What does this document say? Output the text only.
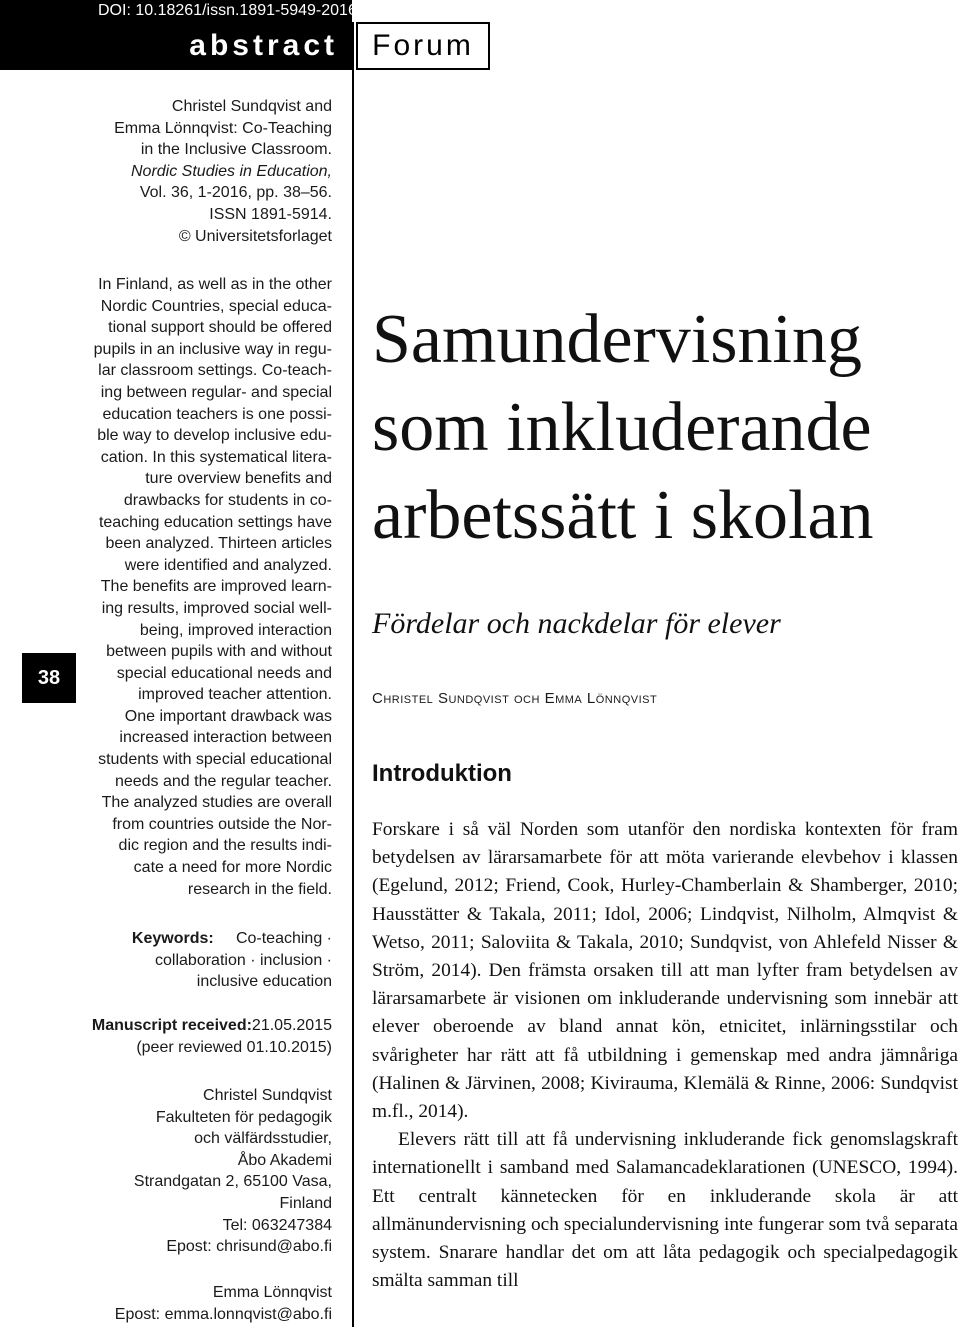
DOI: 10.18261/issn.1891-5949-2016-01-04
abstract	Forum
38
Christel Sundqvist and
Emma Lönnqvist: Co-Teaching
in the Inclusive Classroom.
Nordic Studies in Education,
Vol. 36, 1-2016, pp. 38–56.
ISSN 1891-5914.
© Universitetsforlaget
In Finland, as well as in the other
Nordic Countries, special educa-
tional support should be offered
pupils in an inclusive way in regu-
lar classroom settings. Co-teach-
ing between regular- and special
education teachers is one possi-
ble way to develop inclusive edu-
cation. In this systematical litera-
ture overview benefits and
drawbacks for students in co-
teaching education settings have
been analyzed. Thirteen articles
were identified and analyzed.
The benefits are improved learn-
ing results, improved social well-
being, improved interaction
between pupils with and without
special educational needs and
improved teacher attention.
One important drawback was
increased interaction between
students with special educational
needs and the regular teacher.
The analyzed studies are overall
from countries outside the Nor-
dic region and the results indi-
cate a need for more Nordic
research in the field.
Keywords: Co-teaching ·
collaboration · inclusion ·
inclusive education
Manuscript received:21.05.2015
(peer reviewed 01.10.2015)
Christel Sundqvist
Fakulteten för pedagogik
och välfärdsstudier,
Åbo Akademi
Strandgatan 2, 65100 Vasa,
Finland
Tel: 063247384
Epost: chrisund@abo.fi
Emma Lönnqvist
Epost: emma.lonnqvist@abo.fi
Samundervisning
som inkluderande
arbetssätt i skolan
Fördelar och nackdelar för elever
Christel Sundqvist och Emma Lönnqvist
Introduktion

Forskare i så väl Norden som utanför den nordiska kontexten för fram betydelsen av lärarsamarbete för att möta varierande elevbehov i klassen (Egelund, 2012; Friend, Cook, Hurley-Chamberlain & Shamberger, 2010; Hausstätter & Takala, 2011; Idol, 2006; Lindqvist, Nilholm, Almqvist & Wetso, 2011; Saloviita & Takala, 2010; Sundqvist, von Ahlefeld Nisser & Ström, 2014). Den främsta orsaken till att man lyfter fram betydelsen av lärarsamarbete är visionen om inkluderande undervisning som innebär att elever oberoende av bland annat kön, etnicitet, inlärningsstilar och svårigheter har rätt att få utbildning i gemenskap med andra jämnåriga (Halinen & Järvinen, 2008; Kivirauma, Klemälä & Rinne, 2006: Sundqvist m.fl., 2014).

Elevers rätt till att få undervisning inkluderande fick genomslagskraft internationellt i samband med Salamancadeklarationen (UNESCO, 1994). Ett centralt kännetecken för en inkluderande skola är att allmänundervisning och specialundervisning inte fungerar som två separata system. Snarare handlar det om att låta pedagogik och specialpedagogik smälta samman till
